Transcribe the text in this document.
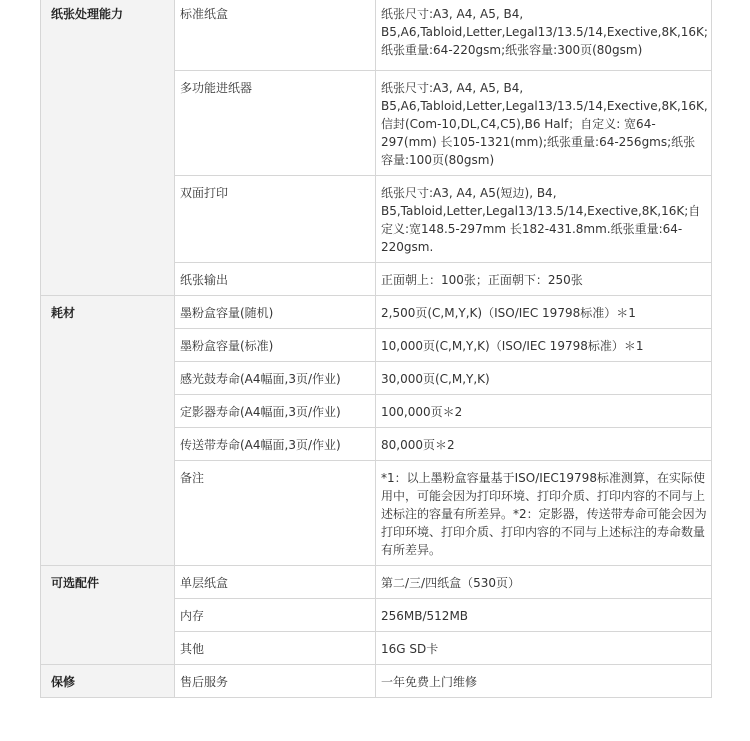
纸张处理能力	标准纸盒	纸张尺寸:A3, A4, A5, B4, B5,A6,Tabloid,Letter,Legal13/13.5/14,Exective,8K,16K; 纸张重量:64-220gsm;纸张容量:300页(80gsm)
	多功能进纸器	纸张尺寸:A3, A4, A5, B4, B5,A6,Tabloid,Letter,Legal13/13.5/14,Exective,8K,16K,信封(Com-10,DL,C4,C5),B6 Half；自定义: 宽64-297(mm) 长105-1321(mm);纸张重量:64-256gms;纸张容量:100页(80gsm)
	双面打印	纸张尺寸:A3, A4, A5(短边), B4, B5,Tabloid,Letter,Legal13/13.5/14,Exective,8K,16K;自定义:宽148.5-297mm 长182-431.8mm.纸张重量:64-220gsm.
	纸张输出	正面朝上：100张；正面朝下：250张
耗材	墨粉盒容量(随机)	2,500页(C,M,Y,K)（ISO/IEC 19798标准）＊1
	墨粉盒容量(标准)	10,000页(C,M,Y,K)（ISO/IEC 19798标准）＊1
	感光鼓寿命(A4幅面,3页/作业)	30,000页(C,M,Y,K)
	定影器寿命(A4幅面,3页/作业)	100,000页＊2
	传送带寿命(A4幅面,3页/作业)	80,000页＊2
	备注	*1：以上墨粉盒容量基于ISO/IEC19798标准测算，在实际使用中，可能会因为打印环境、打印介质、打印内容的不同与上述标注的容量有所差异。*2：定影器，传送带寿命可能会因为打印环境、打印介质、打印内容的不同与上述标注的寿命数量有所差异。
可选配件	单层纸盒	第二/三/四纸盒（530页）
	内存	256MB/512MB
	其他	16G SD卡
保修	售后服务	一年免费上门维修
